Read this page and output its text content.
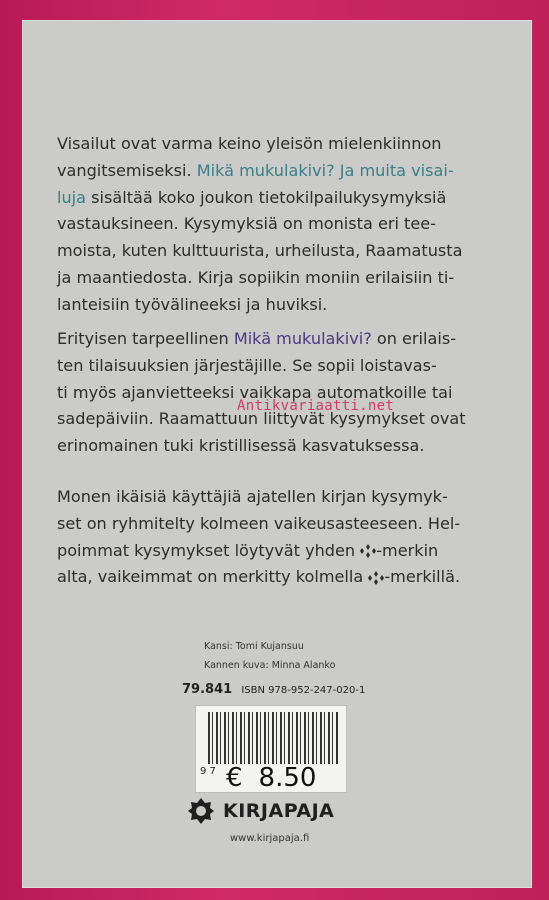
Visailut ovat varma keino yleisön mielenkiinnon
vangitsemiseksi. Mikä mukulakivi? Ja muita visai-
luja sisältää koko joukon tietokilpailukysymyksiä
vastauksineen. Kysymyksiä on monista eri tee-
moista, kuten kulttuurista, urheilusta, Raamatusta
ja maantiedosta. Kirja sopiikin moniin erilaisiin ti-
lanteisiin työvälineeksi ja huviksi.
Erityisen tarpeellinen Mikä mukulakivi? on erilais-
ten tilaisuuksien järjestäjille. Se sopii loistavas-
ti myös ajanvietteeksi vaikkapa automatkoille tai
sadepäiviin. Raamattuun liittyvät kysymykset ovat
erinomainen tuki kristillisessä kasvatuksessa.
Antikvariaatti.net
Monen ikäisiä käyttäjiä ajatellen kirjan kysymyk-
set on ryhmitelty kolmeen vaikeusasteeseen. Hel-
poimmat kysymykset löytyvät yhden -merkin
alta, vaikeimmat on merkitty kolmella -merkillä.
Kansi: Tomi Kujansuu
Kannen kuva: Minna Alanko
79.841 ISBN 978-952-247-020-1
9 7 € 8.50
KIRJAPAJA
www.kirjapaja.fi
